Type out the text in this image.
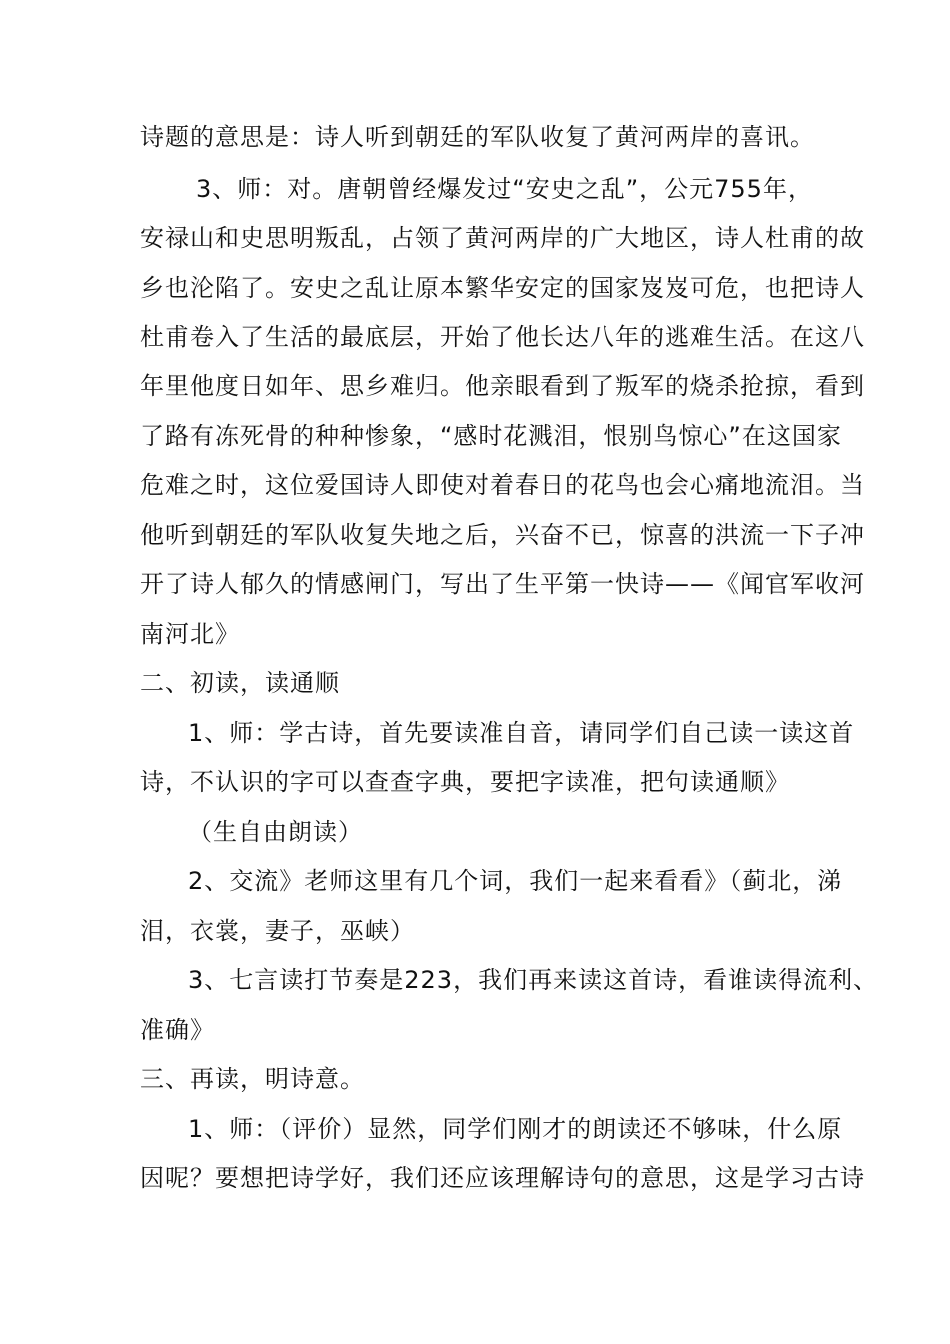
诗题的意思是：诗人听到朝廷的军队收复了黄河两岸的喜讯。
3、师：对。唐朝曾经爆发过“安史之乱”，公元755年，
安禄山和史思明叛乱，占领了黄河两岸的广大地区，诗人杜甫的故
乡也沦陷了。安史之乱让原本繁华安定的国家岌岌可危，也把诗人
杜甫卷入了生活的最底层，开始了他长达八年的逃难生活。在这八
年里他度日如年、思乡难归。他亲眼看到了叛军的烧杀抢掠，看到
了路有冻死骨的种种惨象，“感时花溅泪，恨别鸟惊心”在这国家
危难之时，这位爱国诗人即使对着春日的花鸟也会心痛地流泪。当
他听到朝廷的军队收复失地之后，兴奋不已，惊喜的洪流一下子冲
开了诗人郁久的情感闸门，写出了生平第一快诗——《闻官军收河
南河北》
二、初读，读通顺
1、师：学古诗，首先要读准自音，请同学们自己读一读这首
诗，不认识的字可以查查字典，要把字读准，把句读通顺》
（生自由朗读）
2、交流》老师这里有几个词，我们一起来看看》（蓟北，涕
泪，衣裳，妻子，巫峡）
3、七言读打节奏是223，我们再来读这首诗，看谁读得流利、
准确》
三、再读，明诗意。
1、师：（评价）显然，同学们刚才的朗读还不够味，什么原
因呢？要想把诗学好，我们还应该理解诗句的意思，这是学习古诗
